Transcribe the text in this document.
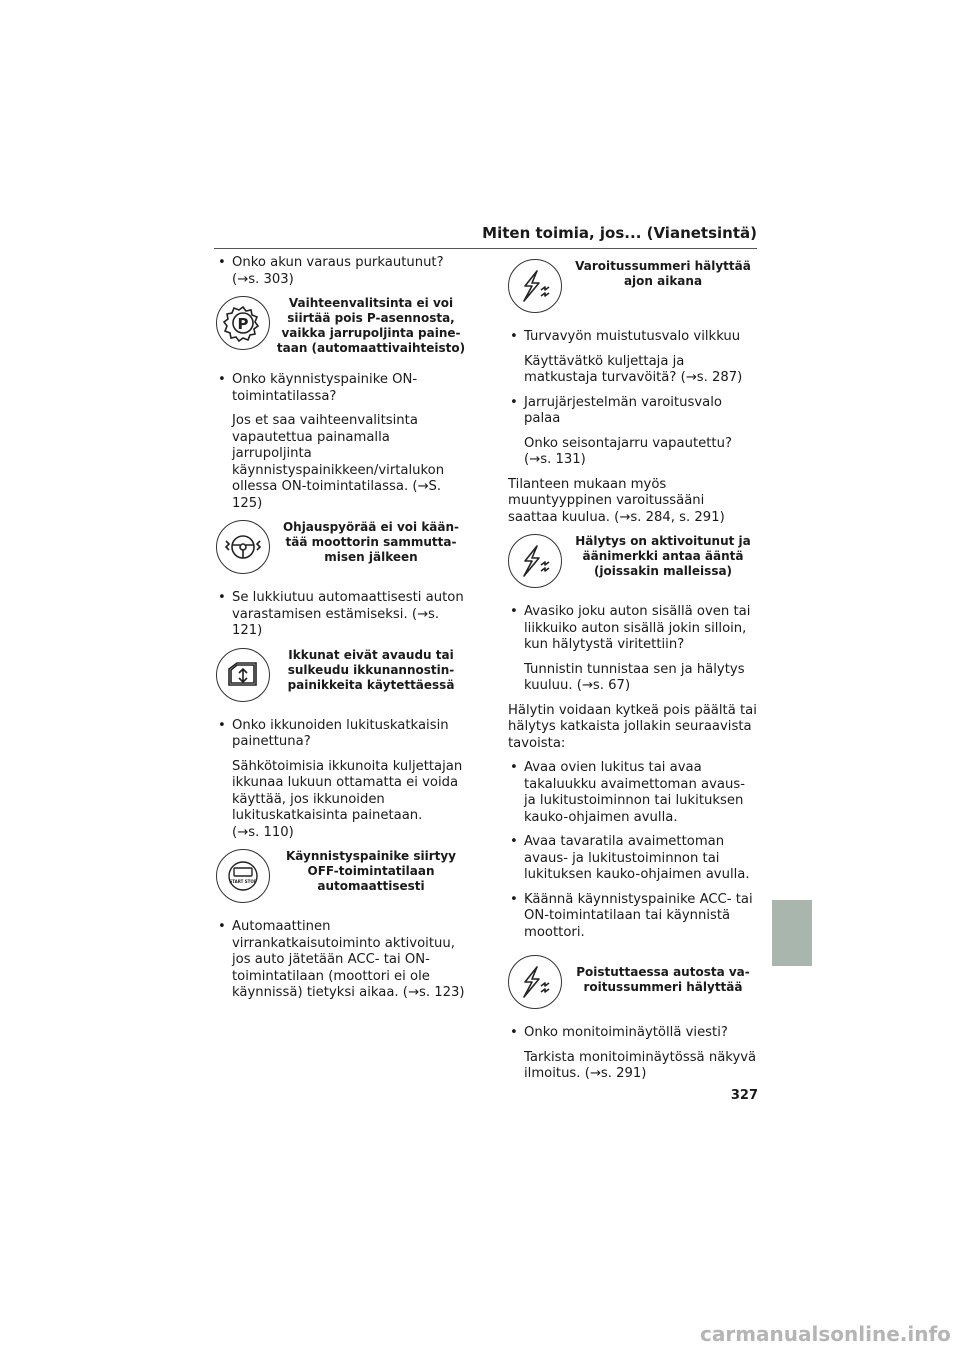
Miten toimia, jos... (Vianetsintä)
• Onko akun varaus purkautunut?
(→s. 303)
P
Vaihteenvalitsinta ei voi siirtää pois P-asennosta, vaikka jarrupoljinta paine-taan (automaattivaihteisto)
• Onko käynnistyspainike ON-toimintatilassa?
Jos et saa vaihteenvalitsinta vapautettua painamalla jarrupoljinta käynnistyspainikkeen/virtalukon ollessa ON-toimintatilassa. (→S. 125)
Ohjauspyörää ei voi kään-tää moottorin sammutta-misen jälkeen
• Se lukkiutuu automaattisesti auton varastamisen estämiseksi. (→s. 121)
Ikkunat eivät avaudu tai sulkeudu ikkunannostin-painikkeita käytettäessä
• Onko ikkunoiden lukituskatkaisin painettuna?
Sähkötoimisia ikkunoita kuljettajan ikkunaa lukuun ottamatta ei voida käyttää, jos ikkunoiden lukituskatkaisinta painetaan.
(→s. 110)
START STOP
Käynnistyspainike siirtyy OFF-toimintatilaan automaattisesti
• Automaattinen virrankatkaisutoiminto aktivoituu, jos auto jätetään ACC- tai ON-toimintatilaan (moottori ei ole käynnissä) tietyksi aikaa. (→s. 123)
Varoitussummeri hälyttää ajon aikana
• Turvavyön muistutusvalo vilkkuu
Käyttävätkö kuljettaja ja matkustaja turvavöitä? (→s. 287)
• Jarrujärjestelmän varoitusvalo palaa
Onko seisontajarru vapautettu?
(→s. 131)
Tilanteen mukaan myös muuntyyppinen varoitussääni saattaa kuulua. (→s. 284, s. 291)
Hälytys on aktivoitunut ja äänimerkki antaa ääntä (joissakin malleissa)
• Avasiko joku auton sisällä oven tai liikkuiko auton sisällä jokin silloin, kun hälytystä viritettiin?
Tunnistin tunnistaa sen ja hälytys kuuluu. (→s. 67)
Hälytin voidaan kytkeä pois päältä tai hälytys katkaista jollakin seuraavista tavoista:
• Avaa ovien lukitus tai avaa takaluukku avaimettoman avaus- ja lukitustoiminnon tai lukituksen kauko-ohjaimen avulla.
• Avaa tavaratila avaimettoman avaus- ja lukitustoiminnon tai lukituksen kauko-ohjaimen avulla.
• Käännä käynnistyspainike ACC- tai ON-toimintatilaan tai käynnistä moottori.
Poistuttaessa autosta va-roitussummeri hälyttää
• Onko monitoiminäytöllä viesti?
Tarkista monitoiminäytössä näkyvä ilmoitus. (→s. 291)
327
carmanualsonline.info
